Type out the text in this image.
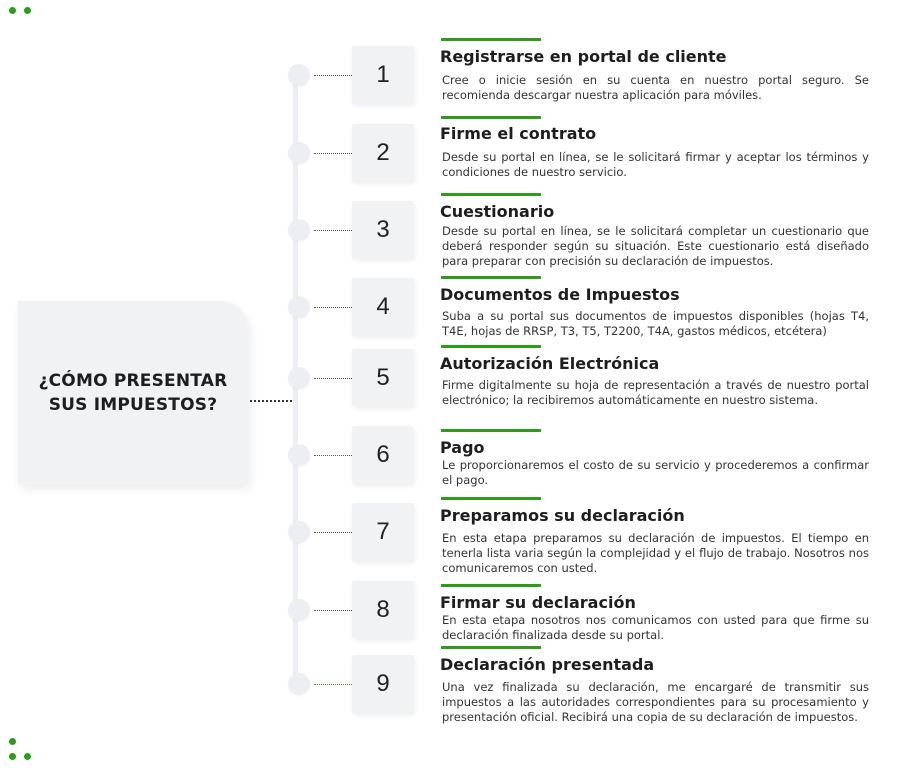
¿CÓMO PRESENTAR SUS IMPUESTOS?
1
Registrarse en portal de cliente
Cree o inicie sesión en su cuenta en nuestro portal seguro. Se recomienda descargar nuestra aplicación para móviles.
2
Firme el contrato
Desde su portal en línea, se le solicitará firmar y aceptar los términos y condiciones de nuestro servicio.
3
Cuestionario
Desde su portal en línea, se le solicitará completar un cuestionario que deberá responder según su situación. Este cuestionario está diseñado para preparar con precisión su declaración de impuestos.
4	Documentos de Impuestos
Suba a su portal sus documentos de impuestos disponibles (hojas T4, T4E, hojas de RRSP, T3, T5, T2200, T4A, gastos médicos, etcétera)
5
Autorización Electrónica
Firme digitalmente su hoja de representación a través de nuestro portal electrónico; la recibiremos automáticamente en nuestro sistema.
6	Pago
Le proporcionaremos el costo de su servicio y procederemos a confirmar el pago.
7
Preparamos su declaración
En esta etapa preparamos su declaración de impuestos. El tiempo en tenerla lista varia según la complejidad y el flujo de trabajo. Nosotros nos comunicaremos con usted.
8	Firmar su declaración
En esta etapa nosotros nos comunicamos con usted para que firme su declaración finalizada desde su portal.
9
Declaración presentada
Una vez finalizada su declaración, me encargaré de transmitir sus impuestos a las autoridades correspondientes para su procesamiento y presentación oficial. Recibirá una copia de su declaración de impuestos.
